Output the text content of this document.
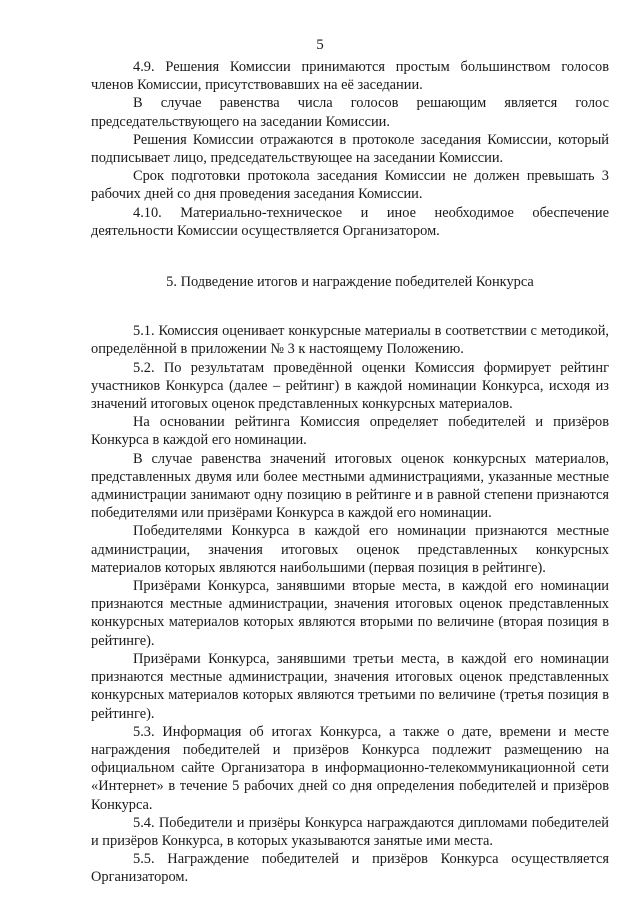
5

4.9. Решения Комиссии принимаются простым большинством голосов членов Комиссии, присутствовавших на её заседании.

В случае равенства числа голосов решающим является голос председательствующего на заседании Комиссии.

Решения Комиссии отражаются в протоколе заседания Комиссии, который подписывает лицо, председательствующее на заседании Комиссии.

Срок подготовки протокола заседания Комиссии не должен превышать 3 рабочих дней со дня проведения заседания Комиссии.

4.10. Материально-техническое и иное необходимое обеспечение деятельности Комиссии осуществляется Организатором.

5. Подведение итогов и награждение победителей Конкурса

5.1. Комиссия оценивает конкурсные материалы в соответствии с методикой, определённой в приложении № 3 к настоящему Положению.

5.2. По результатам проведённой оценки Комиссия формирует рейтинг участников Конкурса (далее – рейтинг) в каждой номинации Конкурса, исходя из значений итоговых оценок представленных конкурсных материалов.

На основании рейтинга Комиссия определяет победителей и призёров Конкурса в каждой его номинации.

В случае равенства значений итоговых оценок конкурсных материалов, представленных двумя или более местными администрациями, указанные местные администрации занимают одну позицию в рейтинге и в равной степени признаются победителями или призёрами Конкурса в каждой его номинации.

Победителями Конкурса в каждой его номинации признаются местные администрации, значения итоговых оценок представленных конкурсных материалов которых являются наибольшими (первая позиция в рейтинге).

Призёрами Конкурса, занявшими вторые места, в каждой его номинации признаются местные администрации, значения итоговых оценок представленных конкурсных материалов которых являются вторыми по величине (вторая позиция в рейтинге).

Призёрами Конкурса, занявшими третьи места, в каждой его номинации признаются местные администрации, значения итоговых оценок представленных конкурсных материалов которых являются третьими по величине (третья позиция в рейтинге).

5.3. Информация об итогах Конкурса, а также о дате, времени и месте награждения победителей и призёров Конкурса подлежит размещению на официальном сайте Организатора в информационно-телекоммуникационной сети «Интернет» в течение 5 рабочих дней со дня определения победителей и призёров Конкурса.

5.4. Победители и призёры Конкурса награждаются дипломами победителей и призёров Конкурса, в которых указываются занятые ими места.

5.5. Награждение победителей и призёров Конкурса осуществляется Организатором.
